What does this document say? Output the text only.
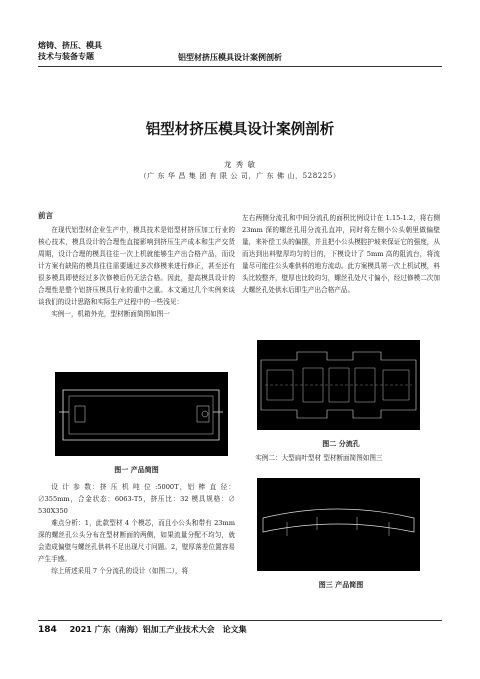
熔铸、挤压、模具
技术与装备专题	铝型材挤压模具设计案例剖析
铝型材挤压模具设计案例剖析
龙 秀 敏
（广 东 华 昌 集 团 有 限 公 司，广 东 佛 山，528225）
前言

在现代铝型材企业生产中，模具技术是铝型材挤压加工行业的核心技术，模具设计的合理性直接影响到挤压生产成本和生产交货周期，设计合理的模具往往一次上机就能够生产出合格产品，而设计方案有缺陷的模具往往需要通过多次修模来进行修正，甚至还有很多模具即使经过多次修模后仍无法合格。因此，提高模具设计的合理性是整个铝挤压模具行业的重中之重。本文通过几个实例来谈谈我们的设计思路和实际生产过程中的一些浅见：

实例一，机箱外壳，型材断面简图如图一

图一 产品简图

设 计 参 数：挤 压 机 吨 位 :5000T，铝 棒 直 径：∅355mm，合金状态：6063-T5，挤压比：32 模具规格：∅ 530X350

难点分析：1，此款型材 4 个模芯，而且小公头和带有 23mm 深的螺丝孔公头分布在型材断面的两侧，如果流量分配不均匀，就会造成偏壁与螺丝孔供料不足出现尺寸问题。2，壁厚落差位置容易产生手感。

综上所述采用 7 个分流孔的设计（如图二），将

左右两侧分流孔和中间分流孔的面积比例设计在 1.15-1.2，将右侧 23mm 深的螺丝孔用分流孔直冲，同时将左侧小公头朝里做偏壁量，来补偿工头的偏摆，并且把小公头模腔护坡来保证它的强度，从而达到出料壁厚均匀的目的，下模设计了 5mm 高的阻流台，将流量尽可能往公头难供料的地方流动。此方案模具第一次上机试模，料头比较整齐，壁厚也比较均匀，螺丝孔处尺寸偏小，经过修模二次加大螺丝孔处供水后即生产出合格产品。

图二 分流孔

实例二：大型扁叶型材 型材断面简图如图三

图三 产品简图
184 2021 广东（南海）铝加工产业技术大会　论文集
